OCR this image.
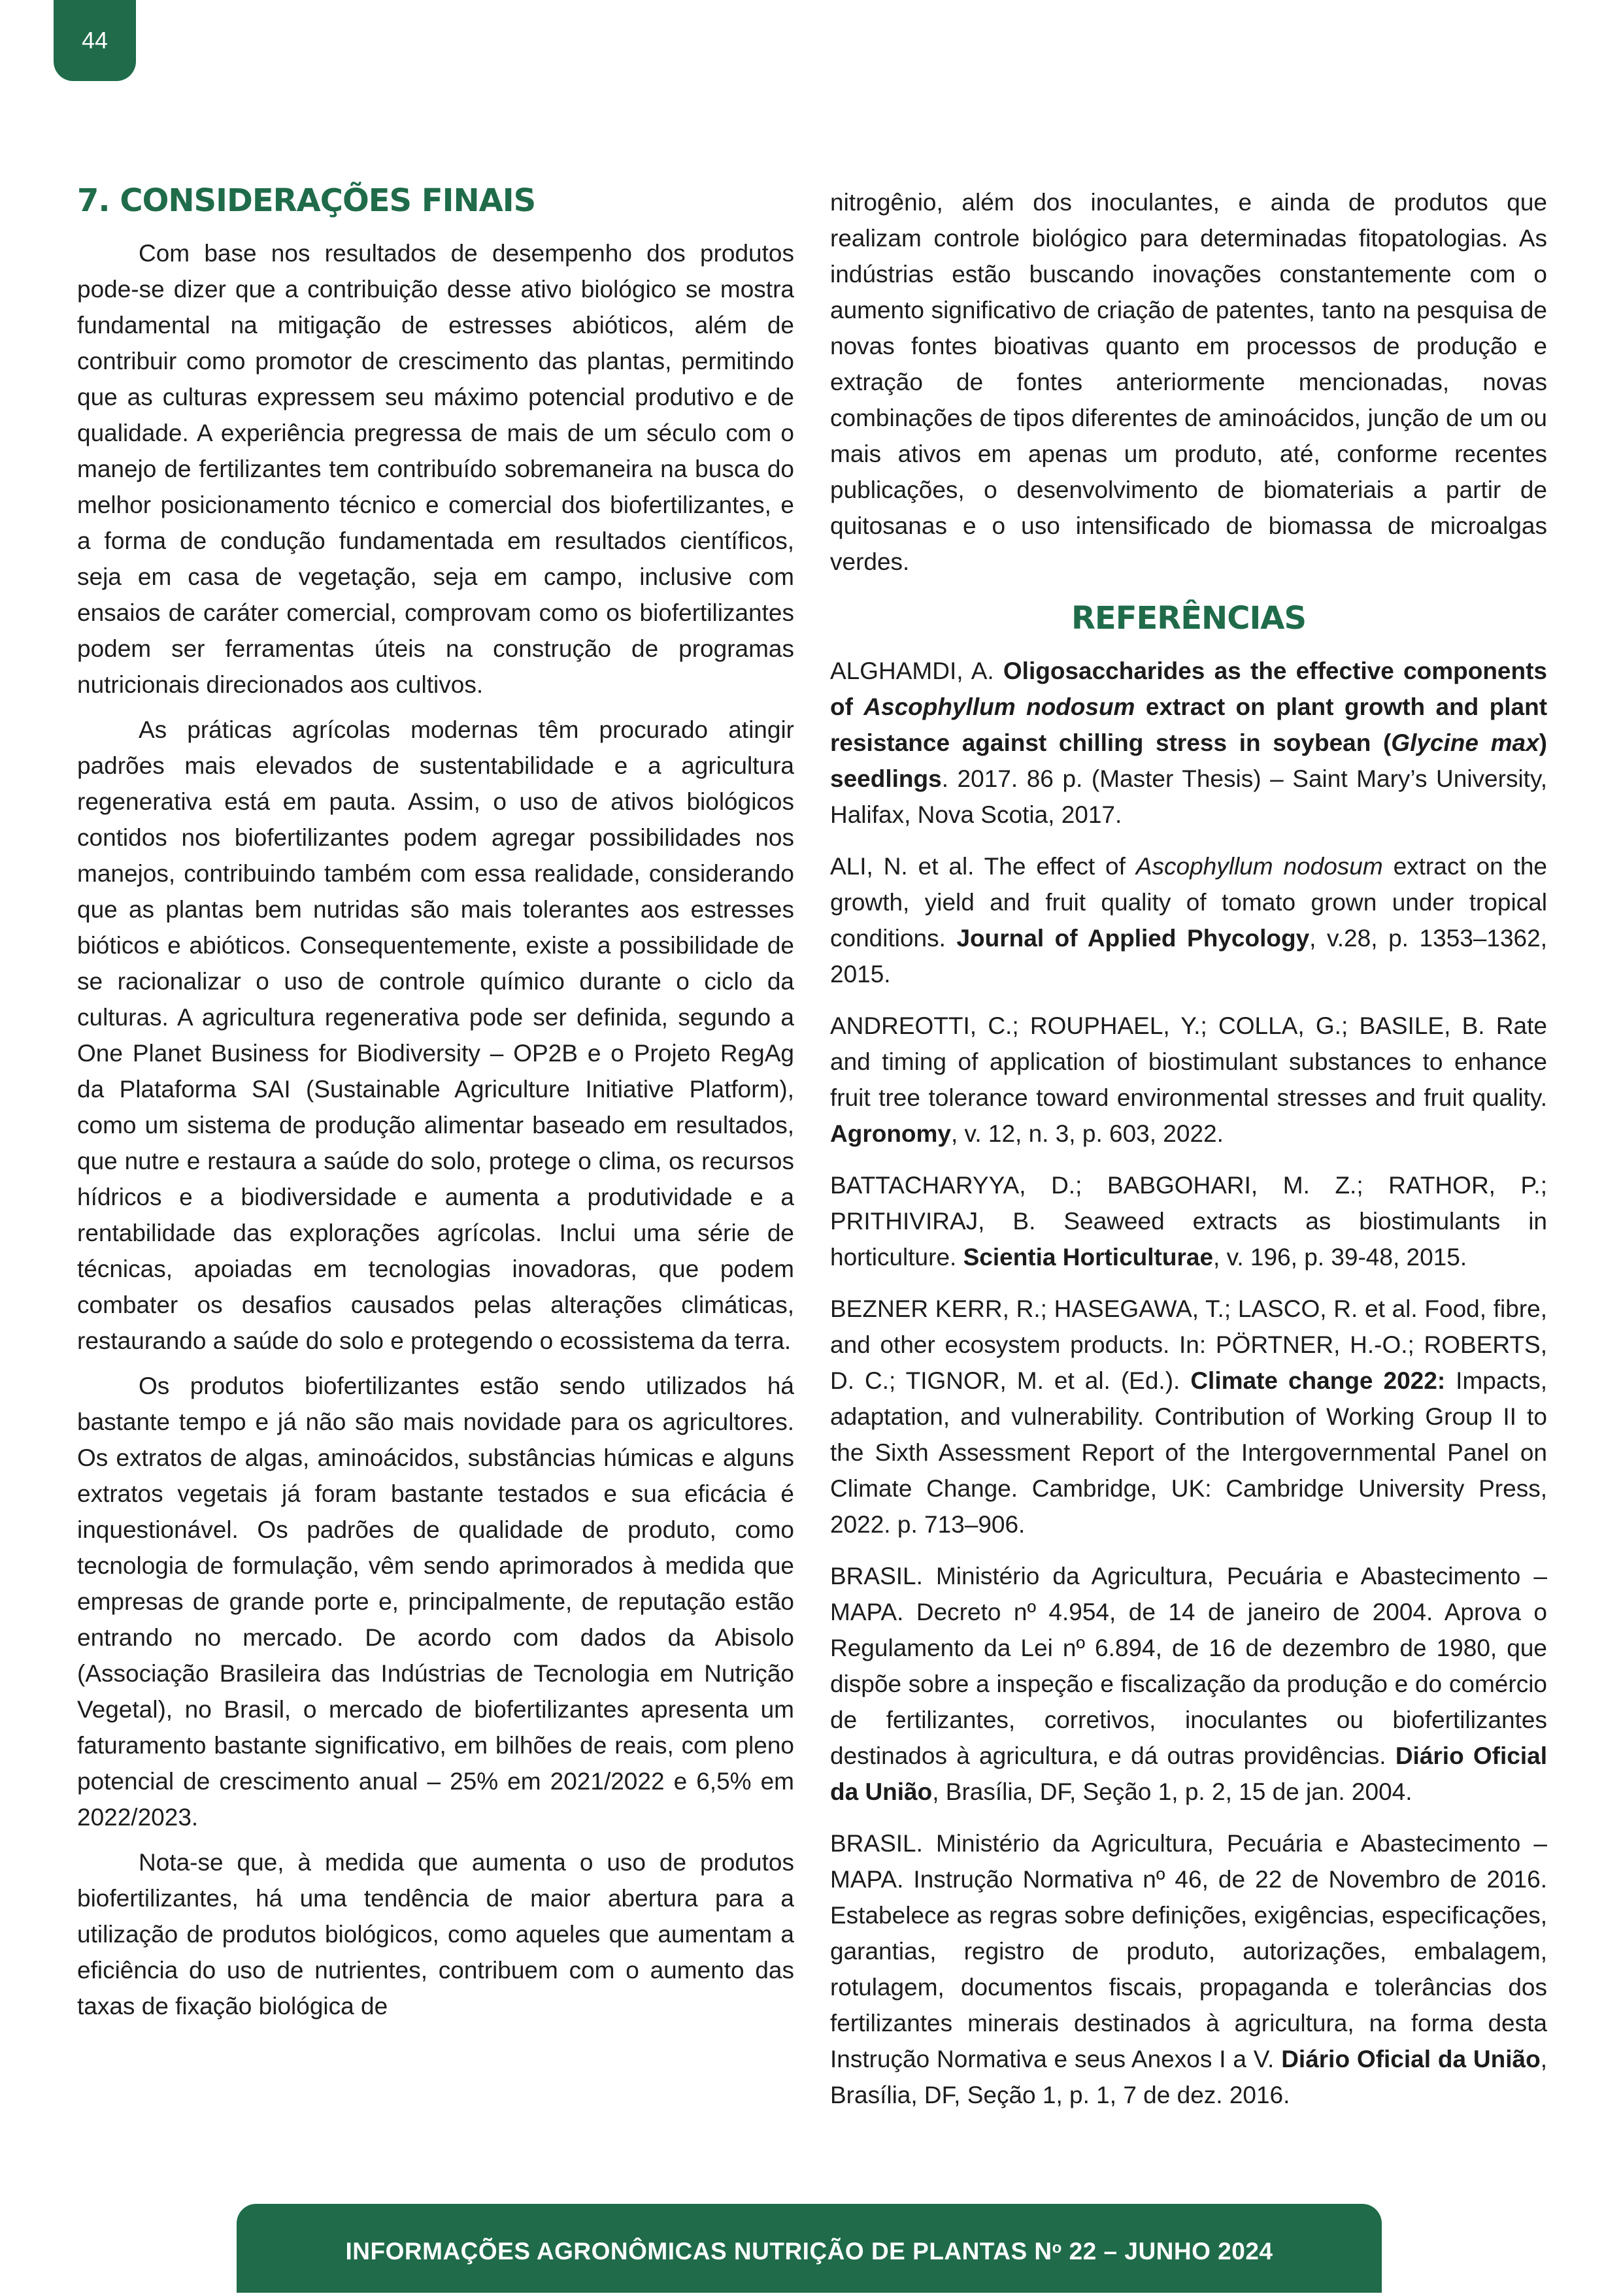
44
7. CONSIDERAÇÕES FINAIS

Com base nos resultados de desempenho dos produtos pode-se dizer que a contribuição desse ativo biológico se mostra fundamental na mitigação de estresses abióticos, além de contribuir como promotor de crescimento das plantas, permitindo que as culturas expressem seu máximo potencial produtivo e de qualidade. A experiência pregressa de mais de um século com o manejo de fertilizantes tem contribuído sobremaneira na busca do melhor posicionamento técnico e comercial dos biofertilizantes, e a forma de condução fundamentada em resultados científicos, seja em casa de vegetação, seja em campo, inclusive com ensaios de caráter comercial, comprovam como os biofertilizantes podem ser ferramentas úteis na construção de programas nutricionais direcionados aos cultivos.

As práticas agrícolas modernas têm procurado atingir padrões mais elevados de sustentabilidade e a agricultura regenerativa está em pauta. Assim, o uso de ativos biológicos contidos nos biofertilizantes podem agregar possibilidades nos manejos, contribuindo também com essa realidade, considerando que as plantas bem nutridas são mais tolerantes aos estresses bióticos e abióticos. Consequentemente, existe a possibilidade de se racionalizar o uso de controle químico durante o ciclo da culturas. A agricultura regenerativa pode ser definida, segundo a One Planet Business for Biodiversity – OP2B e o Projeto RegAg da Plataforma SAI (Sustainable Agriculture Initiative Platform), como um sistema de produção alimentar baseado em resultados, que nutre e restaura a saúde do solo, protege o clima, os recursos hídricos e a biodiversidade e aumenta a produtividade e a rentabilidade das explorações agrícolas. Inclui uma série de técnicas, apoiadas em tecnologias inovadoras, que podem combater os desafios causados pelas alterações climáticas, restaurando a saúde do solo e protegendo o ecossistema da terra.

Os produtos biofertilizantes estão sendo utilizados há bastante tempo e já não são mais novidade para os agricultores. Os extratos de algas, aminoácidos, substâncias húmicas e alguns extratos vegetais já foram bastante testados e sua eficácia é inquestionável. Os padrões de qualidade de produto, como tecnologia de formulação, vêm sendo aprimorados à medida que empresas de grande porte e, principalmente, de reputação estão entrando no mercado. De acordo com dados da Abisolo (Associação Brasileira das Indústrias de Tecnologia em Nutrição Vegetal), no Brasil, o mercado de biofertilizantes apresenta um faturamento bastante significativo, em bilhões de reais, com pleno potencial de crescimento anual – 25% em 2021/2022 e 6,5% em 2022/2023.

Nota-se que, à medida que aumenta o uso de produtos biofertilizantes, há uma tendência de maior abertura para a utilização de produtos biológicos, como aqueles que aumentam a eficiência do uso de nutrientes, contribuem com o aumento das taxas de fixação biológica de

nitrogênio, além dos inoculantes, e ainda de produtos que realizam controle biológico para determinadas fitopatologias. As indústrias estão buscando inovações constantemente com o aumento significativo de criação de patentes, tanto na pesquisa de novas fontes bioativas quanto em processos de produção e extração de fontes anteriormente mencionadas, novas combinações de tipos diferentes de aminoácidos, junção de um ou mais ativos em apenas um produto, até, conforme recentes publicações, o desenvolvimento de biomateriais a partir de quitosanas e o uso intensificado de biomassa de microalgas verdes.

REFERÊNCIAS

ALGHAMDI, A. Oligosaccharides as the effective components of Ascophyllum nodosum extract on plant growth and plant resistance against chilling stress in soybean (Glycine max) seedlings. 2017. 86 p. (Master Thesis) – Saint Mary’s University, Halifax, Nova Scotia, 2017.

ALI, N. et al. The effect of Ascophyllum nodosum extract on the growth, yield and fruit quality of tomato grown under tropical conditions. Journal of Applied Phycology, v.28, p. 1353–1362, 2015.

ANDREOTTI, C.; ROUPHAEL, Y.; COLLA, G.; BASILE, B. Rate and timing of application of biostimulant substances to enhance fruit tree tolerance toward environmental stresses and fruit quality. Agronomy, v. 12, n. 3, p. 603, 2022.

BATTACHARYYA, D.; BABGOHARI, M. Z.; RATHOR, P.; PRITHIVIRAJ, B. Seaweed extracts as biostimulants in horticulture. Scientia Horticulturae, v. 196, p. 39-48, 2015.

BEZNER KERR, R.; HASEGAWA, T.; LASCO, R. et al. Food, fibre, and other ecosystem products. In: PÖRTNER, H.-O.; ROBERTS, D. C.; TIGNOR, M. et al. (Ed.). Climate change 2022: Impacts, adaptation, and vulnerability. Contribution of Working Group II to the Sixth Assessment Report of the Intergovernmental Panel on Climate Change. Cambridge, UK: Cambridge University Press, 2022. p. 713–906.

BRASIL. Ministério da Agricultura, Pecuária e Abastecimento – MAPA. Decreto nº 4.954, de 14 de janeiro de 2004. Aprova o Regulamento da Lei nº 6.894, de 16 de dezembro de 1980, que dispõe sobre a inspeção e fiscalização da produção e do comércio de fertilizantes, corretivos, inoculantes ou biofertilizantes destinados à agricultura, e dá outras providências. Diário Oficial da União, Brasília, DF, Seção 1, p. 2, 15 de jan. 2004.

BRASIL. Ministério da Agricultura, Pecuária e Abastecimento – MAPA. Instrução Normativa nº 46, de 22 de Novembro de 2016. Estabelece as regras sobre definições, exigências, especificações, garantias, registro de produto, autorizações, embalagem, rotulagem, documentos fiscais, propaganda e tolerâncias dos fertilizantes minerais destinados à agricultura, na forma desta Instrução Normativa e seus Anexos I a V. Diário Oficial da União, Brasília, DF, Seção 1, p. 1, 7 de dez. 2016.

INFORMAÇÕES AGRONÔMICAS NUTRIÇÃO DE PLANTAS $N^o$ 22 – JUNHO 2024
